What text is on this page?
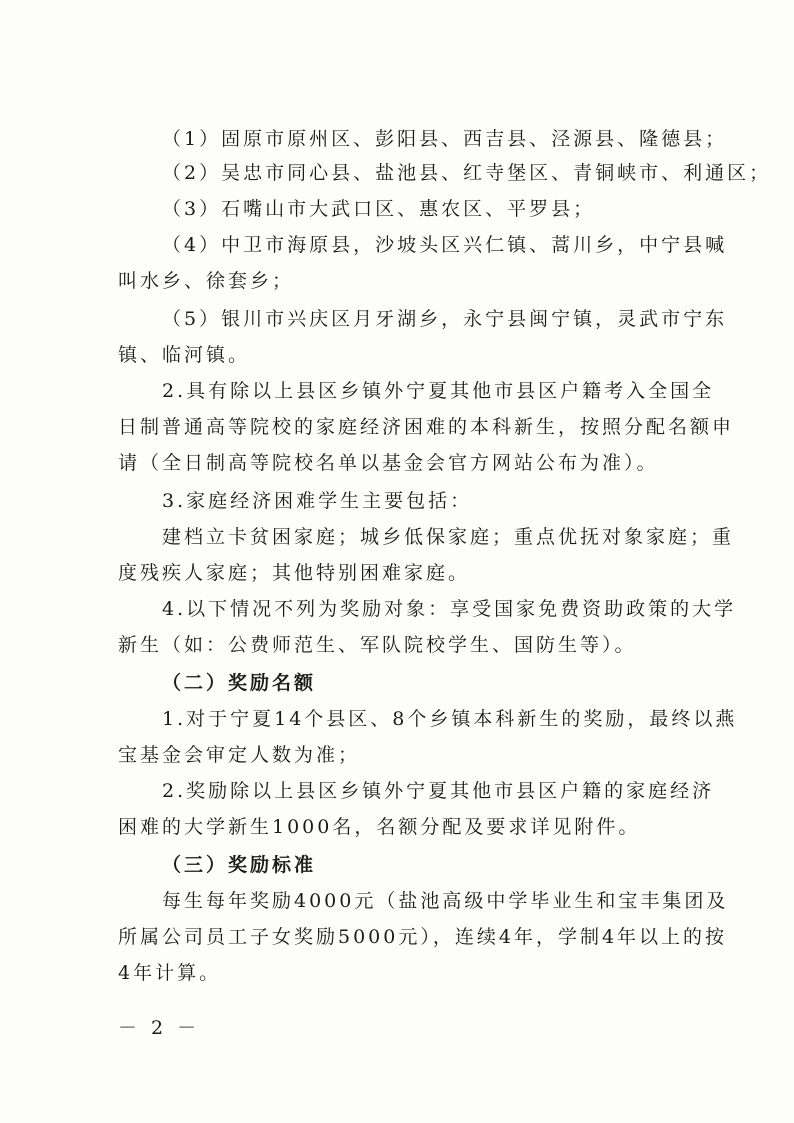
（1）固原市原州区、彭阳县、西吉县、泾源县、隆德县；
（2）吴忠市同心县、盐池县、红寺堡区、青铜峡市、利通区；
（3）石嘴山市大武口区、惠农区、平罗县；
（4）中卫市海原县，沙坡头区兴仁镇、蒿川乡，中宁县喊
叫水乡、徐套乡；
（5）银川市兴庆区月牙湖乡，永宁县闽宁镇，灵武市宁东
镇、临河镇。
2.具有除以上县区乡镇外宁夏其他市县区户籍考入全国全
日制普通高等院校的家庭经济困难的本科新生，按照分配名额申
请（全日制高等院校名单以基金会官方网站公布为准）。
3.家庭经济困难学生主要包括：
建档立卡贫困家庭；城乡低保家庭；重点优抚对象家庭；重
度残疾人家庭；其他特别困难家庭。
4.以下情况不列为奖励对象：享受国家免费资助政策的大学
新生（如：公费师范生、军队院校学生、国防生等）。
（二）奖励名额
1.对于宁夏14个县区、8个乡镇本科新生的奖励，最终以燕
宝基金会审定人数为准；
2.奖励除以上县区乡镇外宁夏其他市县区户籍的家庭经济
困难的大学新生1000名，名额分配及要求详见附件。
（三）奖励标准
每生每年奖励4000元（盐池高级中学毕业生和宝丰集团及
所属公司员工子女奖励5000元），连续4年，学制4年以上的按
4年计算。
－ 2 －
